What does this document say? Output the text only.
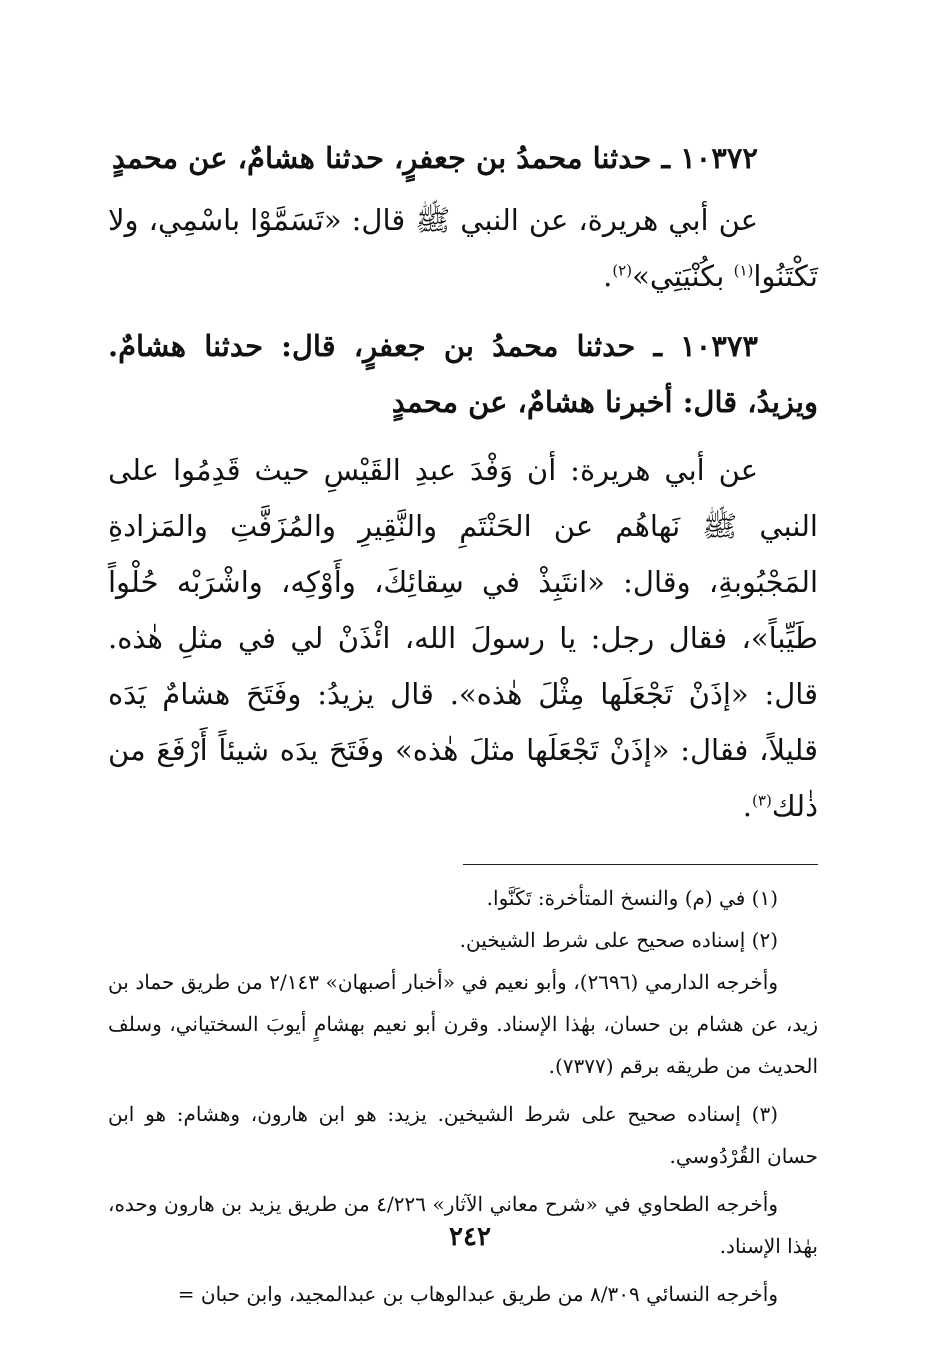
١٠٣٧٢ ـ حدثنا محمدُ بن جعفرٍ، حدثنا هشامٌ، عن محمدٍ

عن أبي هريرة، عن النبي ﷺ قال: «تَسَمَّوْا باسْمِي، ولا تَكْتَنُوا$^{(١)}$ بكُنْيَتِي»$^{(٢)}$.

١٠٣٧٣ ـ حدثنا محمدُ بن جعفرٍ، قال: حدثنا هشامٌ. ويزيدُ، قال: أخبرنا هشامٌ، عن محمدٍ

عن أبي هريرة: أن وَفْدَ عبدِ القَيْسِ حيث قَدِمُوا على النبي ﷺ نَهاهُم عن الحَنْتَمِ والنَّقِيرِ والمُزَفَّتِ والمَزادةِ المَجْبُوبةِ، وقال: «انتَبِذْ في سِقائِكَ، وأَوْكِه، واشْرَبْه حُلْواً طَيِّباً»، فقال رجل: يا رسولَ الله، ائْذَنْ لي في مثلِ هٰذه. قال: «إذَنْ تَجْعَلَها مِثْلَ هٰذه». قال يزيدُ: وفَتَحَ هشامٌ يَدَه قليلاً، فقال: «إذَنْ تَجْعَلَها مثلَ هٰذه» وفَتَحَ يدَه شيئاً أَرْفَعَ من ذٰلك$^{(٣)}$.

(١) في (م) والنسخ المتأخرة: تَكَنَّوا.

(٢) إسناده صحيح على شرط الشيخين.

وأخرجه الدارمي (٢٦٩٦)، وأبو نعيم في «أخبار أصبهان» ٢/١٤٣ من طريق حماد بن زيد، عن هشام بن حسان، بهٰذا الإسناد. وقرن أبو نعيم بهشامٍ أيوبَ السختياني، وسلف الحديث من طريقه برقم (٧٣٧٧).

(٣) إسناده صحيح على شرط الشيخين. يزيد: هو ابن هارون، وهشام: هو ابن حسان القُرْدُوسي.

وأخرجه الطحاوي في «شرح معاني الآثار» ٤/٢٢٦ من طريق يزيد بن هارون وحده، بهٰذا الإسناد.

وأخرجه النسائي ٨/٣٠٩ من طريق عبدالوهاب بن عبدالمجيد، وابن حبان =

٢٤٢
